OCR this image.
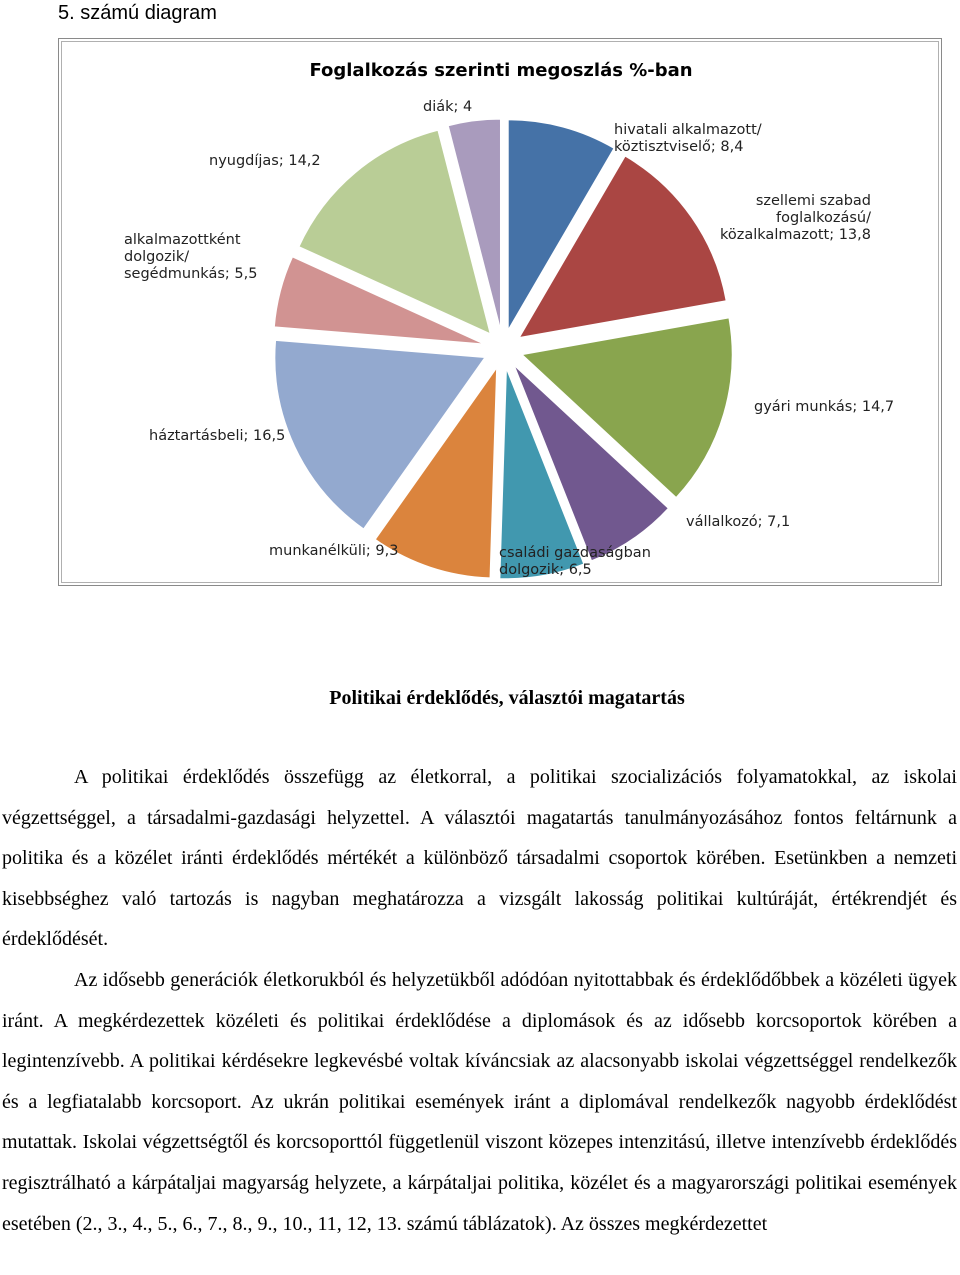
5. számú diagram
Foglalkozás szerinti megoszlás %-ban
hivatali alkalmazott/ köztisztviselő; 8,4
szellemi szabad foglalkozású/ közalkalmazott; 13,8
gyári munkás; 14,7
vállalkozó; 7,1
családi gazdaságban dolgozik; 6,5
munkanélküli; 9,3
háztartásbeli; 16,5
alkalmazottként dolgozik/ segédmunkás; 5,5
nyugdíjas; 14,2
diák; 4
Politikai érdeklődés, választói magatartás

A politikai érdeklődés összefügg az életkorral, a politikai szocializációs folyamatokkal, az iskolai végzettséggel, a társadalmi-gazdasági helyzettel. A választói magatartás tanulmányozásához fontos feltárnunk a politika és a közélet iránti érdeklődés mértékét a különböző társadalmi csoportok körében. Esetünkben a nemzeti kisebbséghez való tartozás is nagyban meghatározza a vizsgált lakosság politikai kultúráját, értékrendjét és érdeklődését.

Az idősebb generációk életkorukból és helyzetükből adódóan nyitottabbak és érdeklődőbbek a közéleti ügyek iránt. A megkérdezettek közéleti és politikai érdeklődése a diplomások és az idősebb korcsoportok körében a legintenzívebb. A politikai kérdésekre legkevésbé voltak kíváncsiak az alacsonyabb iskolai végzettséggel rendelkezők és a legfiatalabb korcsoport. Az ukrán politikai események iránt a diplomával rendelkezők nagyobb érdeklődést mutattak. Iskolai végzettségtől és korcsoporttól függetlenül viszont közepes intenzitású, illetve intenzívebb érdeklődés regisztrálható a kárpátaljai magyarság helyzete, a kárpátaljai politika, közélet és a magyarországi politikai események esetében (2., 3., 4., 5., 6., 7., 8., 9., 10., 11, 12, 13. számú táblázatok). Az összes megkérdezettet
